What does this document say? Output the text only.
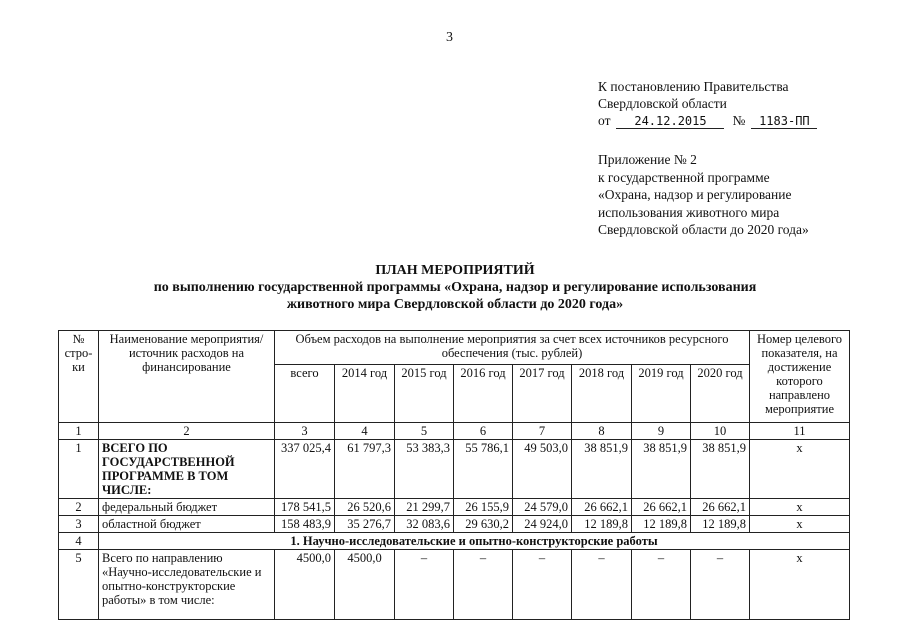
3
К постановлению Правительства
Свердловской области
от 24.12.2015 № 1183-ПП
Приложение № 2
к государственной программе
«Охрана, надзор и регулирование
использования животного мира
Свердловской области до 2020 года»
ПЛАН МЕРОПРИЯТИЙ
по выполнению государственной программы «Охрана, надзор и регулирование использования
животного мира Свердловской области до 2020 года»
№ стро-ки	Наименование мероприятия/ источник расходов на финансирование	Объем расходов на выполнение мероприятия за счет всех источников ресурсного обеспечения (тыс. рублей)								Номер целевого показателя, на достижение которого направлено мероприятие
		всего	2014 год	2015 год	2016 год	2017 год	2018 год	2019 год	2020 год	
1	2	3	4	5	6	7	8	9	10	11
1	ВСЕГО ПО ГОСУДАРСТВЕННОЙ ПРОГРАММЕ В ТОМ ЧИСЛЕ:	337 025,4	61 797,3	53 383,3	55 786,1	49 503,0	38 851,9	38 851,9	38 851,9	х
2	федеральный бюджет	178 541,5	26 520,6	21 299,7	26 155,9	24 579,0	26 662,1	26 662,1	26 662,1	х
3	областной бюджет	158 483,9	35 276,7	32 083,6	29 630,2	24 924,0	12 189,8	12 189,8	12 189,8	х
4	1. Научно-исследовательские и опытно-конструкторские работы									
5	Всего по направлению «Научно-исследовательские и опытно-конструкторские работы» в том числе:	4500,0	4500,0	–	–	–	–	–	–	х
